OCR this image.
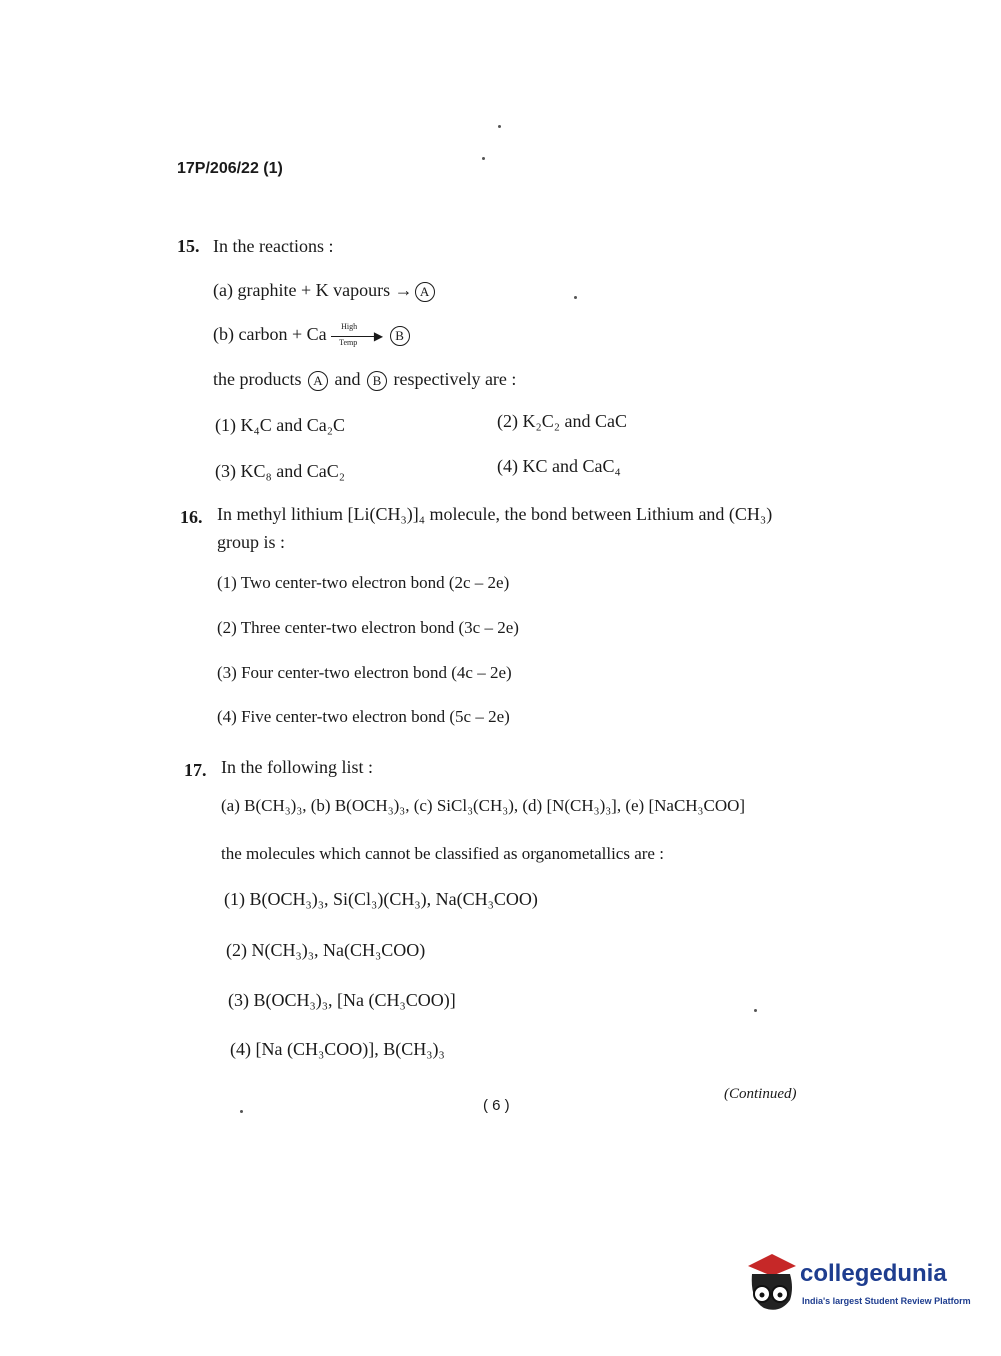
17P/206/22 (1)
15. In the reactions :
(a) graphite + K vapours → A
(b) carbon + Ca High
▶
Temp	B
the products A and B respectively are :
(1) K₄C and Ca₂C	(2) K₂C₂ and CaC
(3) KC₈ and CaC₂	(4) KC and CaC₄
16. In methyl lithium [Li(CH₃)]₄ molecule, the bond between Lithium and (CH₃)
group is :
(1) Two center-two electron bond (2c – 2e)
(2) Three center-two electron bond (3c – 2e)
(3) Four center-two electron bond (4c – 2e)
(4) Five center-two electron bond (5c – 2e)
17. In the following list :
(a) B(CH₃)₃, (b) B(OCH₃)₃, (c) SiCl₃(CH₃), (d) [N(CH₃)₃], (e) [NaCH₃COO]
the molecules which cannot be classified as organometallics are :
(1) B(OCH₃)₃, Si(Cl₃)(CH₃), Na(CH₃COO)
(2) N(CH₃)₃, Na(CH₃COO)
(3) B(OCH₃)₃, [Na (CH₃COO)]
(4) [Na (CH₃COO)], B(CH₃)₃
( 6 )
(Continued)
collegedunia
India's largest Student Review Platform
